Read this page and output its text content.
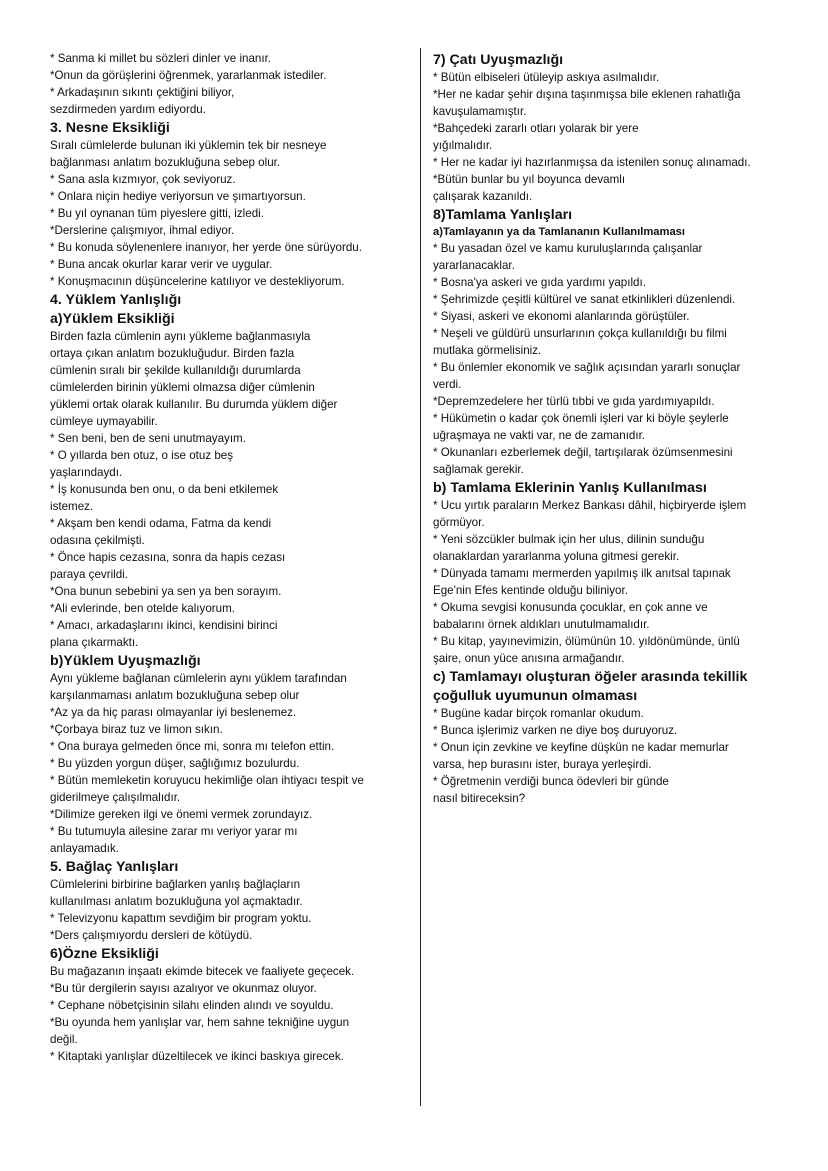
* Sanma ki millet bu sözleri dinler ve inanır.
*Onun da görüşlerini öğrenmek, yararlanmak istediler.
* Arkadaşının sıkıntı çektiğini biliyor,
sezdirmeden yardım ediyordu.
3. Nesne Eksikliği
Sıralı cümlelerde bulunan iki yüklemin tek bir nesneye
bağlanması anlatım bozukluğuna sebep olur.
* Sana asla kızmıyor, çok seviyoruz.
* Onlara niçin hediye veriyorsun ve şımartıyorsun.
* Bu yıl oynanan tüm piyeslere gitti, izledi.
*Derslerine çalışmıyor, ihmal ediyor.
* Bu konuda söylenenlere inanıyor, her yerde öne sürüyordu.
* Buna ancak okurlar karar verir ve uygular.
* Konuşmacının düşüncelerine katılıyor ve destekliyorum.
4. Yüklem Yanlışlığı
a)Yüklem Eksikliği
Birden fazla cümlenin aynı yükleme bağlanmasıyla
ortaya çıkan anlatım bozukluğudur. Birden fazla
cümlenin sıralı bir şekilde kullanıldığı durumlarda
cümlelerden birinin yüklemi olmazsa diğer cümlenin
yüklemi ortak olarak kullanılır. Bu durumda yüklem diğer
cümleye uymayabilir.
* Sen beni, ben de seni unutmayayım.
* O yıllarda ben otuz, o ise otuz beş
yaşlarındaydı.
* İş konusunda ben onu, o da beni etkilemek
istemez.
* Akşam ben kendi odama, Fatma da kendi
odasına çekilmişti.
* Önce hapis cezasına, sonra da hapis cezası
paraya çevrildi.
*Ona bunun sebebini ya sen ya ben sorayım.
*Ali evlerinde, ben otelde kalıyorum.
* Amacı, arkadaşlarını ikinci, kendisini birinci
plana çıkarmaktı.
b)Yüklem Uyuşmazlığı
Aynı yükleme bağlanan cümlelerin aynı yüklem tarafından
karşılanmaması anlatım bozukluğuna sebep olur
*Az ya da hiç parası olmayanlar iyi beslenemez.
*Çorbaya biraz tuz ve limon sıkın.
* Ona buraya gelmeden önce mi, sonra mı telefon ettin.
* Bu yüzden yorgun düşer, sağlığımız bozulurdu.
* Bütün memleketin koruyucu hekimliğe olan ihtiyacı tespit ve
giderilmeye çalışılmalıdır.
*Dilimize gereken ilgi ve önemi vermek zorundayız.
* Bu tutumuyla ailesine zarar mı veriyor yarar mı
anlayamadık.
5. Bağlaç Yanlışları
Cümlelerini birbirine bağlarken yanlış bağlaçların
kullanılması anlatım bozukluğuna yol açmaktadır.
* Televizyonu kapattım sevdiğim bir program yoktu.
*Ders çalışmıyordu dersleri de kötüydü.
6)Özne Eksikliği
Bu mağazanın inşaatı ekimde bitecek ve faaliyete geçecek.
*Bu tür dergilerin sayısı azalıyor ve okunmaz oluyor.
* Cephane nöbetçisinin silahı elinden alındı ve soyuldu.
*Bu oyunda hem yanlışlar var, hem sahne tekniğine uygun
değil.
* Kitaptaki yanlışlar düzeltilecek ve ikinci baskıya girecek.
7) Çatı Uyuşmazlığı
* Bütün elbiseleri ütüleyip askıya asılmalıdır.
*Her ne kadar şehir dışına taşınmışsa bile eklenen rahatlığa
kavuşulamamıştır.
*Bahçedeki zararlı otları yolarak bir yere
yığılmalıdır.
* Her ne kadar iyi hazırlanmışsa da istenilen sonuç alınamadı.
*Bütün bunlar bu yıl boyunca devamlı
çalışarak kazanıldı.
8)Tamlama Yanlışları
a)Tamlayanın ya da Tamlananın Kullanılmaması
* Bu yasadan özel ve kamu kuruluşlarında çalışanlar
yararlanacaklar.
* Bosna'ya askeri ve gıda yardımı yapıldı.
* Şehrimizde çeşitli kültürel ve sanat etkinlikleri düzenlendi.
* Siyasi, askeri ve ekonomi alanlarında görüştüler.
* Neşeli ve güldürü unsurlarının çokça kullanıldığı bu filmi
mutlaka görmelisiniz.
* Bu önlemler ekonomik ve sağlık açısından yararlı sonuçlar
verdi.
*Depremzedelere her türlü tıbbi ve gıda yardımıyapıldı.
* Hükümetin o kadar çok önemli işleri var ki böyle şeylerle
uğraşmaya ne vakti var, ne de zamanıdır.
* Okunanları ezberlemek değil, tartışılarak özümsenmesini
sağlamak gerekir.
b) Tamlama Eklerinin Yanlış Kullanılması
* Ucu yırtık paraların Merkez Bankası dâhil, hiçbiryerde işlem
görmüyor.
* Yeni sözcükler bulmak için her ulus, dilinin sunduğu
olanaklardan yararlanma yoluna gitmesi gerekir.
* Dünyada tamamı mermerden yapılmış ilk anıtsal tapınak
Ege'nin Efes kentinde olduğu biliniyor.
* Okuma sevgisi konusunda çocuklar, en çok anne ve
babalarını örnek aldıkları unutulmamalıdır.
* Bu kitap, yayınevimizin, ölümünün 10. yıldönümünde, ünlü
şaire, onun yüce anısına armağandır.
c) Tamlamayı oluşturan öğeler arasında tekillik
çoğulluk uyumunun olmaması
* Bugüne kadar birçok romanlar okudum.
* Bunca işlerimiz varken ne diye boş duruyoruz.
* Onun için zevkine ve keyfine düşkün ne kadar memurlar
varsa, hep burasını ister, buraya yerleşirdi.
* Öğretmenin verdiği bunca ödevleri bir günde
nasıl bitireceksin?
